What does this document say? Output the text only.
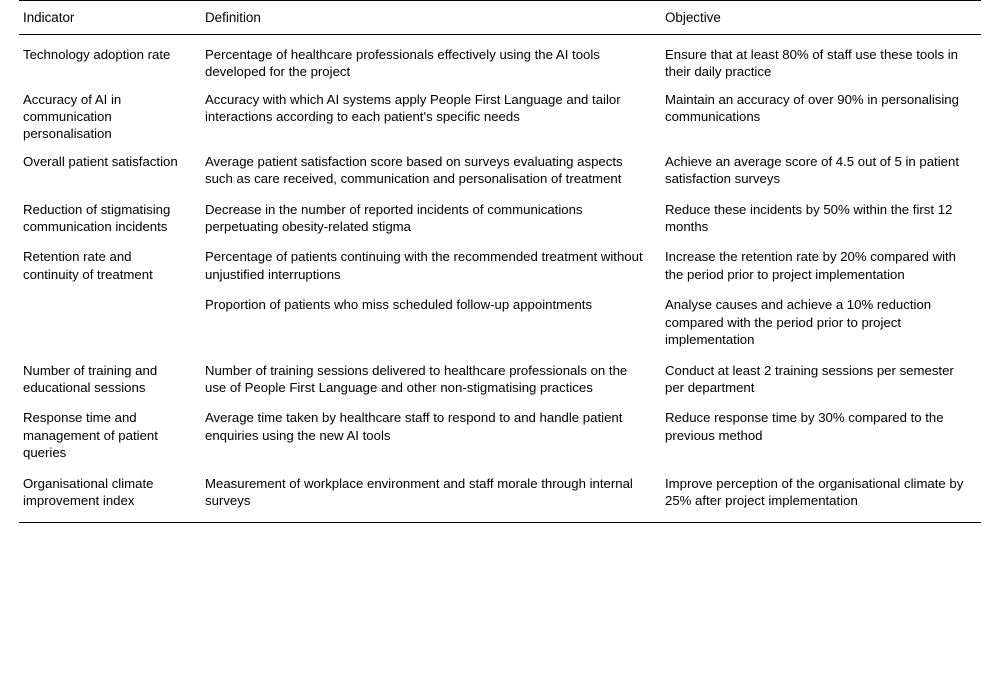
Indicator	Definition	Objective
Technology adoption rate	Percentage of healthcare professionals effectively using the AI tools developed for the project	Ensure that at least 80% of staff use these tools in their daily practice
Accuracy of AI in communication personalisation	Accuracy with which AI systems apply People First Language and tailor interactions according to each patient's specific needs	Maintain an accuracy of over 90% in personalising communications
Overall patient satisfaction	Average patient satisfaction score based on surveys evaluating aspects such as care received, communication and personalisation of treatment	Achieve an average score of 4.5 out of 5 in patient satisfaction surveys

Reduction of stigmatising communication incidents	Decrease in the number of reported incidents of communications perpetuating obesity-related stigma	Reduce these incidents by 50% within the first 12 months

Retention rate and continuity of treatment	Percentage of patients continuing with the recommended treatment without unjustified interruptions	Increase the retention rate by 20% compared with the period prior to project implementation

	Proportion of patients who miss scheduled follow-up appointments	Analyse causes and achieve a 10% reduction compared with the period prior to project implementation

Number of training and educational sessions	Number of training sessions delivered to healthcare professionals on the use of People First Language and other non-stigmatising practices	Conduct at least 2 training sessions per semester per department

Response time and management of patient queries	Average time taken by healthcare staff to respond to and handle patient enquiries using the new AI tools	Reduce response time by 30% compared to the previous method

Organisational climate improvement index	Measurement of workplace environment and staff morale through internal surveys	Improve perception of the organisational climate by 25% after project implementation
